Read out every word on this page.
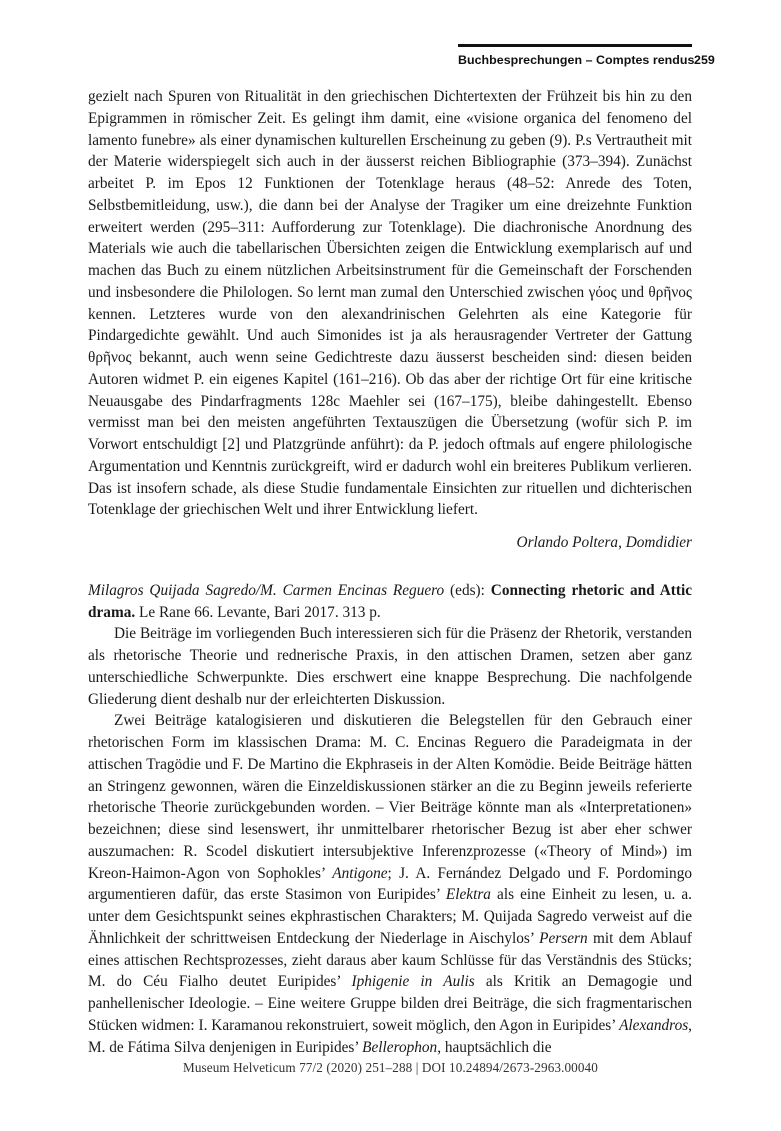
Buchbesprechungen – Comptes rendus 259

gezielt nach Spuren von Ritualität in den griechischen Dichtertexten der Frühzeit bis hin zu den Epigrammen in römischer Zeit. Es gelingt ihm damit, eine «visione organica del fenomeno del lamento funebre» als einer dynamischen kulturellen Erscheinung zu geben (9). P.s Vertrautheit mit der Materie widerspiegelt sich auch in der äusserst reichen Bibliographie (373–394). Zunächst arbeitet P. im Epos 12 Funktionen der Totenklage heraus (48–52: Anrede des Toten, Selbstbemitleidung, usw.), die dann bei der Analyse der Tragiker um eine dreizehnte Funktion erweitert werden (295–311: Aufforderung zur Totenklage). Die diachronische Anordnung des Materials wie auch die tabellarischen Übersichten zeigen die Entwicklung exemplarisch auf und machen das Buch zu einem nützlichen Arbeitsinstrument für die Gemeinschaft der Forschenden und insbesondere die Philologen. So lernt man zumal den Unterschied zwischen γόος und θρῆνος kennen. Letzteres wurde von den alexandrinischen Gelehrten als eine Kategorie für Pindargedichte gewählt. Und auch Simonides ist ja als herausragender Vertreter der Gattung θρῆνος bekannt, auch wenn seine Gedichtreste dazu äusserst bescheiden sind: diesen beiden Autoren widmet P. ein eigenes Kapitel (161–216). Ob das aber der richtige Ort für eine kritische Neuausgabe des Pindarfragments 128c Maehler sei (167–175), bleibe dahingestellt. Ebenso vermisst man bei den meisten angeführten Textauszügen die Übersetzung (wofür sich P. im Vorwort entschuldigt [2] und Platzgründe anführt): da P. jedoch oftmals auf engere philologische Argumentation und Kenntnis zurückgreift, wird er dadurch wohl ein breiteres Publikum verlieren. Das ist insofern schade, als diese Studie fundamentale Einsichten zur rituellen und dichterischen Totenklage der griechischen Welt und ihrer Entwicklung liefert.

Orlando Poltera, Domdidier

Milagros Quijada Sagredo/M. Carmen Encinas Reguero (eds): Connecting rhetoric and Attic drama. Le Rane 66. Levante, Bari 2017. 313 p.

Die Beiträge im vorliegenden Buch interessieren sich für die Präsenz der Rhetorik, verstanden als rhetorische Theorie und rednerische Praxis, in den attischen Dramen, setzen aber ganz unterschiedliche Schwerpunkte. Dies erschwert eine knappe Besprechung. Die nachfolgende Gliederung dient deshalb nur der erleichterten Diskussion.

Zwei Beiträge katalogisieren und diskutieren die Belegstellen für den Gebrauch einer rhetorischen Form im klassischen Drama: M. C. Encinas Reguero die Paradeigmata in der attischen Tragödie und F. De Martino die Ekphraseis in der Alten Komödie. Beide Beiträge hätten an Stringenz gewonnen, wären die Einzeldiskussionen stärker an die zu Beginn jeweils referierte rhetorische Theorie zurückgebunden worden. – Vier Beiträge könnte man als «Interpretationen» bezeichnen; diese sind lesenswert, ihr unmittelbarer rhetorischer Bezug ist aber eher schwer auszumachen: R. Scodel diskutiert intersubjektive Inferenzprozesse («Theory of Mind») im Kreon-Haimon-Agon von Sophokles’ Antigone; J. A. Fernández Delgado und F. Pordomingo argumentieren dafür, das erste Stasimon von Euripides’ Elektra als eine Einheit zu lesen, u. a. unter dem Gesichtspunkt seines ekphrastischen Charakters; M. Quijada Sagredo verweist auf die Ähnlichkeit der schrittweisen Entdeckung der Niederlage in Aischylos’ Persern mit dem Ablauf eines attischen Rechtsprozesses, zieht daraus aber kaum Schlüsse für das Verständnis des Stücks; M. do Céu Fialho deutet Euripides’ Iphigenie in Aulis als Kritik an Demagogie und panhellenischer Ideologie. – Eine weitere Gruppe bilden drei Beiträge, die sich fragmentarischen Stücken widmen: I. Karamanou rekonstruiert, soweit möglich, den Agon in Euripides’ Alexandros, M. de Fátima Silva denjenigen in Euripides’ Bellerophon, hauptsächlich die

Museum Helveticum 77/2 (2020) 251–288 | DOI 10.24894/2673-2963.00040
